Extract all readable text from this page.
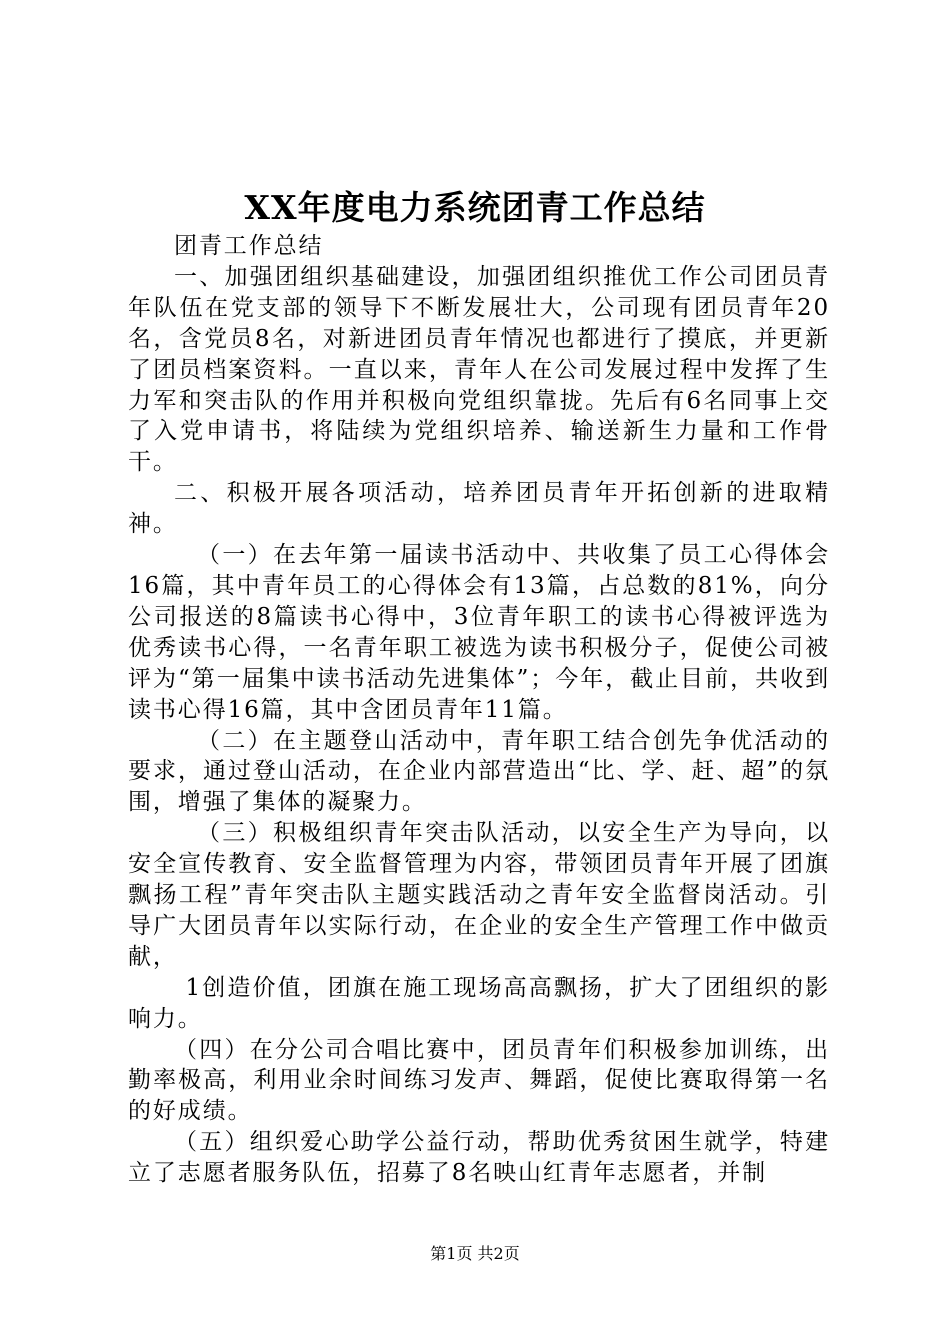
XX年度电力系统团青工作总结

团青工作总结

一、加强团组织基础建设，加强团组织推优工作公司团员青年队伍在党支部的领导下不断发展壮大，公司现有团员青年20名，含党员8名，对新进团员青年情况也都进行了摸底，并更新了团员档案资料。一直以来，青年人在公司发展过程中发挥了生力军和突击队的作用并积极向党组织靠拢。先后有6名同事上交了入党申请书，将陆续为党组织培养、输送新生力量和工作骨干。

二、积极开展各项活动，培养团员青年开拓创新的进取精神。

（一）在去年第一届读书活动中、共收集了员工心得体会16篇，其中青年员工的心得体会有13篇，占总数的81%，向分公司报送的8篇读书心得中，3位青年职工的读书心得被评选为优秀读书心得，一名青年职工被选为读书积极分子，促使公司被评为“第一届集中读书活动先进集体”；今年，截止目前，共收到读书心得16篇，其中含团员青年11篇。

（二）在主题登山活动中，青年职工结合创先争优活动的要求，通过登山活动，在企业内部营造出“比、学、赶、超”的氛围，增强了集体的凝聚力。

（三）积极组织青年突击队活动，以安全生产为导向，以安全宣传教育、安全监督管理为内容，带领团员青年开展了团旗飘扬工程”青年突击队主题实践活动之青年安全监督岗活动。引导广大团员青年以实际行动，在企业的安全生产管理工作中做贡献，

1创造价值，团旗在施工现场高高飘扬，扩大了团组织的影响力。

（四）在分公司合唱比赛中，团员青年们积极参加训练，出勤率极高，利用业余时间练习发声、舞蹈，促使比赛取得第一名的好成绩。

（五）组织爱心助学公益行动，帮助优秀贫困生就学，特建立了志愿者服务队伍，招募了8名映山红青年志愿者，并制

第1页 共2页
